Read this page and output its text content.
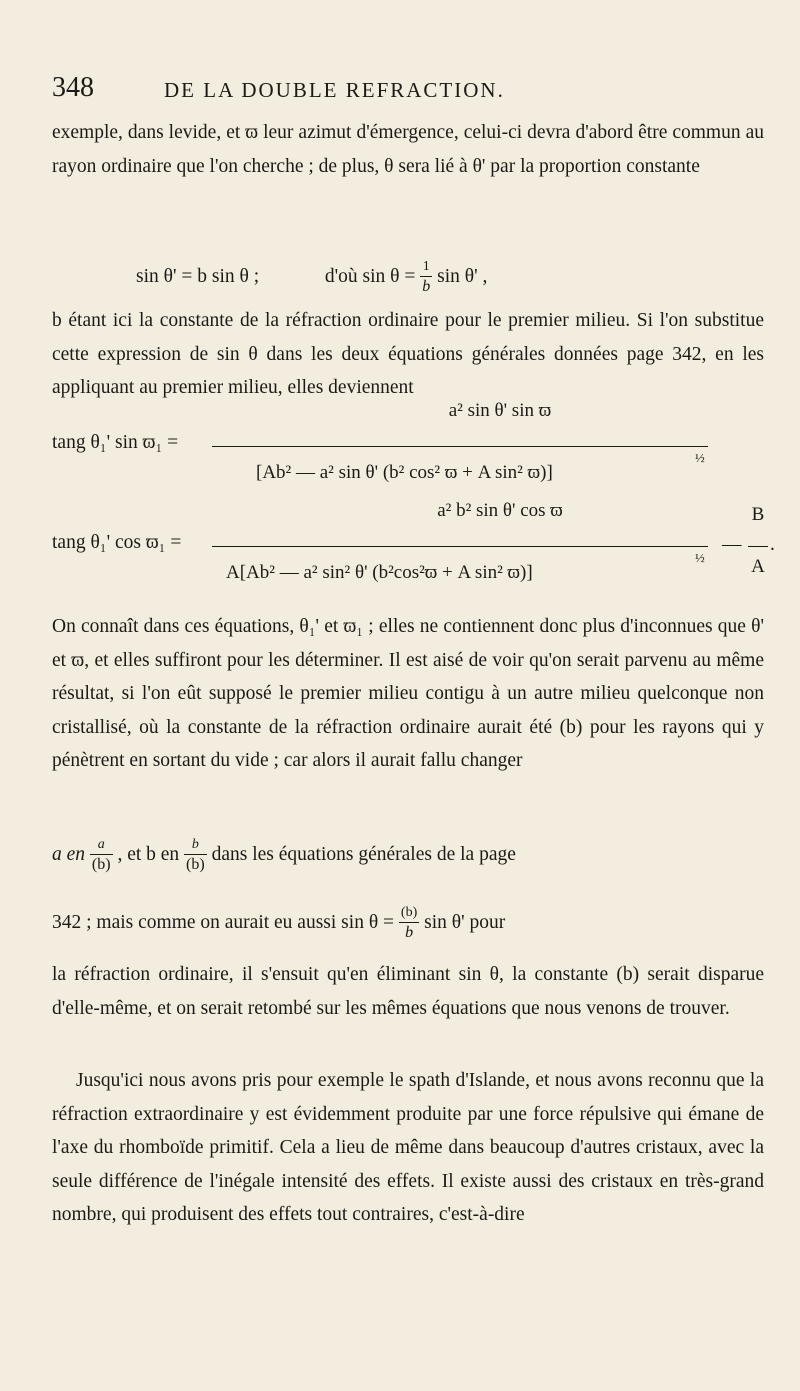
348	DE LA DOUBLE REFRACTION.

exemple, dans levide, et ϖ leur azimut d'émergence, celui-ci devra d'abord être commun au rayon ordinaire que l'on cherche ; de plus, θ sera lié à θ' par la proportion constante

sin θ' = b sin θ ;	d'où $\sin \theta = \frac{1}{b}$ sin θ' ,

b étant ici la constante de la réfraction ordinaire pour le premier milieu. Si l'on substitue cette expression de sin θ dans les deux équations générales données page 342, en les appliquant au premier milieu, elles deviennent

tang θ₁' sin ϖ₁ =
a² sin θ' sin ϖ
[Ab² — a² sin θ' (b² cos² ϖ + A sin² ϖ)]
½
tang θ₁' cos ϖ₁ =
a² b² sin θ' cos ϖ
A[Ab² — a² sin² θ' (b²cos²ϖ + A sin² ϖ)]
½
—
B
A
.

On connaît dans ces équations, θ₁' et ϖ₁ ; elles ne contiennent donc plus d'inconnues que θ' et ϖ, et elles suffiront pour les déterminer. Il est aisé de voir qu'on serait parvenu au même résultat, si l'on eût supposé le premier milieu contigu à un autre milieu quelconque non cristallisé, où la constante de la réfraction ordinaire aurait été (b) pour les rayons qui y pénètrent en sortant du vide ; car alors il aurait fallu changer

a en $\frac{a}{(b)}$ , et b en $\frac{b}{(b)}$ dans les équations générales de la page
342 ; mais comme on aurait eu aussi $\sin \theta = \frac{(b)}{b}$ sin θ' pour

la réfraction ordinaire, il s'ensuit qu'en éliminant sin θ, la constante (b) serait disparue d'elle-même, et on serait retombé sur les mêmes équations que nous venons de trouver.

Jusqu'ici nous avons pris pour exemple le spath d'Islande, et nous avons reconnu que la réfraction extraordinaire y est évidemment produite par une force répulsive qui émane de l'axe du rhomboïde primitif. Cela a lieu de même dans beaucoup d'autres cristaux, avec la seule différence de l'inégale intensité des effets. Il existe aussi des cristaux en très-grand nombre, qui produisent des effets tout contraires, c'est-à-dire
